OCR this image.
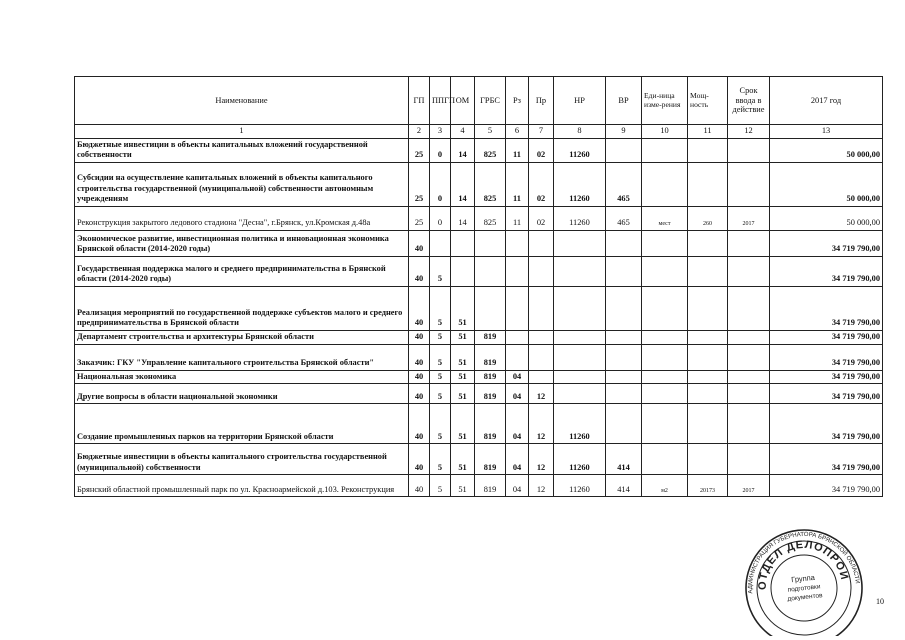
Наименование	ГП	ППГП	ОМ	ГРБС	Рз	Пр	НР	ВР	Еди-ница изме-рения	Мощ-ность	Срок ввода в действие	2017 год
1	2	3	4	5	6	7	8	9	10	11	12	13
Бюджетные инвестиции в объекты капитальных вложений государственной собственности	25	0	14	825	11	02	11260					50 000,00
Субсидии на осуществление капитальных вложений в объекты капитального строительства государственной (муниципальной) собственности автономным учреждениям	25	0	14	825	11	02	11260	465				50 000,00
Реконструкция закрытого ледового стадиона "Десна", г.Брянск, ул.Кромская д.48а	25	0	14	825	11	02	11260	465	мест	260	2017	50 000,00
Экономическое развитие, инвестиционная политика и инновационная экономика Брянской области (2014-2020 годы)	40											34 719 790,00
Государственная поддержка малого и среднего предпринимательства в Брянской области (2014-2020 годы)	40	5										34 719 790,00
Реализация мероприятий по государственной поддержке субъектов малого и среднего предпринимательства в Брянской области	40	5	51									34 719 790,00
Департамент строительства и архитектуры Брянской области	40	5	51	819								34 719 790,00
Заказчик: ГКУ "Управление капитального строительства Брянской области"	40	5	51	819								34 719 790,00
Национальная экономика	40	5	51	819	04							34 719 790,00
Другие вопросы в области национальной экономики	40	5	51	819	04	12						34 719 790,00
Создание промышленных парков на территории Брянской области	40	5	51	819	04	12	11260					34 719 790,00
Бюджетные инвестиции в объекты капитального строительства государственной (муниципальной) собственности	40	5	51	819	04	12	11260	414				34 719 790,00
Брянский областной промышленный парк по ул. Красноармейской д.103. Реконструкция	40	5	51	819	04	12	11260	414	м2	20173	2017	34 719 790,00
10
АДМИНИСТРАЦИЯ ГУБЕРНАТОРА БРЯНСКОЙ ОБЛАСТИ
ОТДЕЛ ДЕЛОПРОИЗВОДСТВА
Группа
подготовки
документов
